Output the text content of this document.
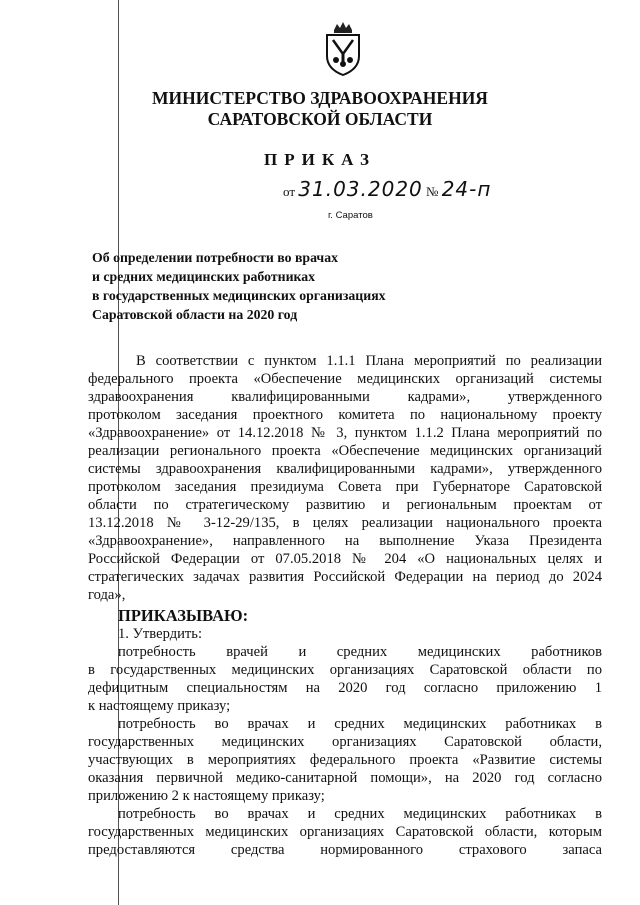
МИНИСТЕРСТВО ЗДРАВООХРАНЕНИЯ
САРАТОВСКОЙ ОБЛАСТИ
ПРИКАЗ
от 31.03.2020 № 24-п
г. Саратов
Об определении потребности во врачах
и средних медицинских работниках
в государственных медицинских организациях
Саратовской области на 2020 год
В соответствии с пунктом 1.1.1 Плана мероприятий по реализации
федерального проекта «Обеспечение медицинских организаций системы
здравоохранения квалифицированными кадрами», утвержденного
протоколом заседания проектного комитета по национальному проекту
«Здравоохранение» от 14.12.2018 № 3, пунктом 1.1.2 Плана мероприятий по
реализации регионального проекта «Обеспечение медицинских организаций
системы здравоохранения квалифицированными кадрами», утвержденного
протоколом заседания президиума Совета при Губернаторе Саратовской
области по стратегическому развитию и региональным проектам от
13.12.2018 № 3-12-29/135, в целях реализации национального проекта
«Здравоохранение», направленного на выполнение Указа Президента
Российской Федерации от 07.05.2018 № 204 «О национальных целях и
стратегических задачах развития Российской Федерации на период до 2024
года»,
ПРИКАЗЫВАЮ:
1. Утвердить:
потребность врачей и средних медицинских работников
в государственных медицинских организациях Саратовской области по
дефицитным специальностям на 2020 год согласно приложению 1
к настоящему приказу;
потребность во врачах и средних медицинских работниках в
государственных медицинских организациях Саратовской области,
участвующих в мероприятиях федерального проекта «Развитие системы
оказания первичной медико-санитарной помощи», на 2020 год согласно
приложению 2 к настоящему приказу;
потребность во врачах и средних медицинских работниках в
государственных медицинских организациях Саратовской области, которым
предоставляются средства нормированного страхового запаса
